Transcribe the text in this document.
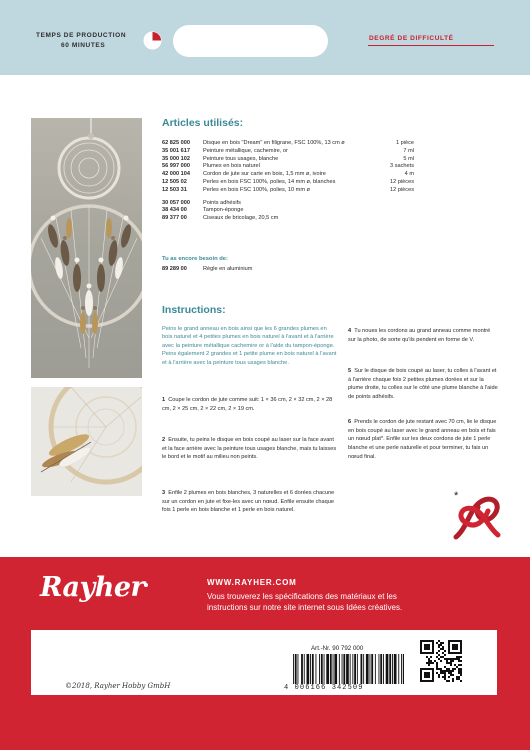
TEMPS DE PRODUCTION
60 MINUTES
DEGRÉ DE DIFFICULTÉ
Articles utilisés:
62 825 000	Disque en bois "Dream" en filigrane, FSC 100%, 13 cm ø	1 pièce
35 001 617	Peinture métallique, cachemire, or	7 ml
35 000 102	Peinture tous usages, blanche	5 ml
56 997 000	Plumes en bois naturel	3 sachets
42 000 104	Cordon de jute sur carte en bois, 1,5 mm ø, ivoire	4 m
12 505 02	Perles en bois FSC 100%, polies, 14 mm ø, blanches	12 pièces
12 503 31	Perles en bois FSC 100%, polies, 10 mm ø	12 pièces
30 057 000	Points adhésifs
38 434 00	Tampon-éponge
89 377 00	Ciseaux de bricolage, 20,5 cm
Tu as encore besoin de:
89 289 00	Règle en aluminium
Instructions:
Peins le grand anneau en bois ainsi que les 6 grandes plumes en bois naturel et 4 petites plumes en bois naturel à l'avant et à l'arrière avec la peinture métallique cachemire or à l'aide du tampon-éponge. Peins également 2 grandes et 1 petite plume en bois naturel à l'avant et à l'arrière avec la peinture tous usages blanche.
1 Coupe le cordon de jute comme suit: 1 × 36 cm, 2 × 32 cm, 2 × 28 cm, 2 × 25 cm, 2 × 22 cm, 2 × 19 cm.
2 Ensuite, tu peins le disque en bois coupé au laser sur la face avant et la face arrière avec la peinture tous usages blanche, mais tu laisses le bord et le motif au milieu non peints.
3 Enfile 2 plumes en bois blanches, 3 naturelles et 6 dorées chacune sur un cordon en jute et fixe-les avec un nœud. Enfile ensuite chaque fois 1 perle en bois blanche et 1 perle en bois naturel.
4 Tu noues les cordons au grand anneau comme montré sur la photo, de sorte qu'ils pendent en forme de V.
5 Sur le disque de bois coupé au laser, tu colles à l'avant et à l'arrière chaque fois 2 petites plumes dorées et sur la plume droite, tu colles sur le côté une plume blanche à l'aide de points adhésifs.
6 Prends le cordon de jute restant avec 70 cm, lie le disque en bois coupé au laser avec le grand anneau en bois et fais un nœud plat*. Enfile sur les deux cordons de jute 1 perle blanche et une perle naturelle et pour terminer, tu fais un nœud final.
*
Rayher	WWW.RAYHER.COM
Vous trouverez les spécifications des matériaux et les instructions sur notre site internet sous Idées créatives.
©2018, Rayher Hobby GmbH
Art.-Nr. 90 792 000
4 006166 342509
